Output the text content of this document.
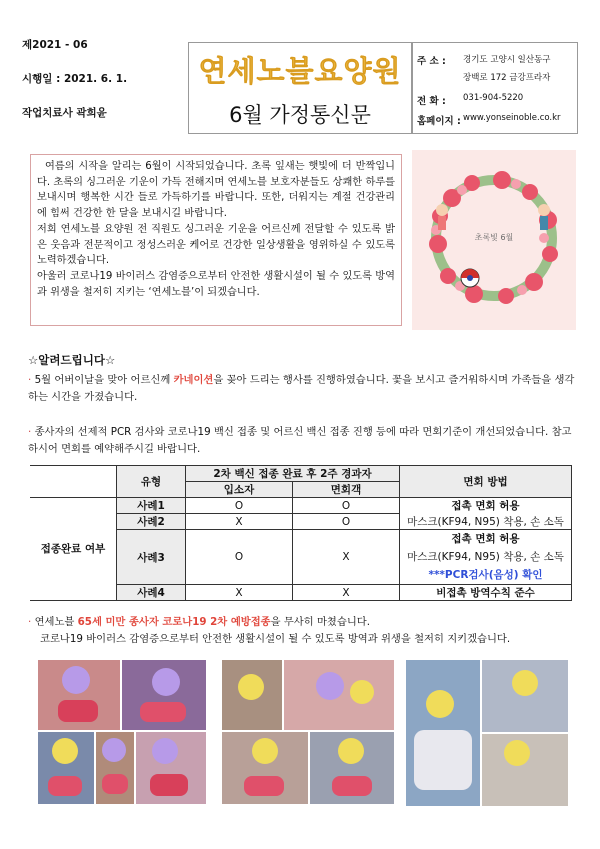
제2021 - 06
시행일 : 2021. 6. 1.
작업치료사 곽희윤
연세노블요양원
6월 가정통신문
주 소 : 경기도 고양시 일산동구
장백로 172 금강프라자
전 화 : 031-904-5220
홈페이지 : www.yonseinoble.co.kr

여름의 시작을 알리는 6월이 시작되었습니다. 초록 잎새는 햇빛에 더 반짝입니다. 초록의 싱그러운 기운이 가득 전해지며 연세노블 보호자분들도 상쾌한 하루를 보내시며 행복한 시간 들로 가득하기를 바랍니다. 또한, 더워지는 계절 건강관리에 힘써 건강한 한 달을 보내시길 바랍니다.

저희 연세노블 요양원 전 직원도 싱그러운 기운을 어르신께 전달할 수 있도록 밝은 웃음과 전문적이고 정성스러운 케어로 건강한 일상생활을 영위하실 수 있도록 노력하겠습니다.

아울러 코로나19 바이러스 감염증으로부터 안전한 생활시설이 될 수 있도록 방역과 위생을 철저히 지키는 ‘연세노블’이 되겠습니다.

초록빛 6월
☆알려드립니다☆
· 5월 어버이날을 맞아 어르신께 카네이션을 꽂아 드리는 행사를 진행하였습니다. 꽃을 보시고 즐거워하시며 가족들을 생각하는 시간을 가졌습니다.
· 종사자의 선제적 PCR 검사와 코로나19 백신 접종 및 어르신 백신 접종 진행 등에 따라 면회기준이 개선되었습니다. 참고하시어 면회를 예약해주시길 바랍니다.
	유형	2차 백신 접종 완료 후 2주 경과자		면회 방법
		입소자	면회객	
접종완료 여부	사례1	O	O	접촉 면회 허용
	사례2	X	O	마스크(KF94, N95) 착용, 손 소독
	사례3	O	X	접촉 면회 허용
마스크(KF94, N95) 착용, 손 소독
***PCR검사(음성) 확인

	사례4	X	X	비접촉 방역수칙 준수
· 연세노블 65세 미만 종사자 코로나19 2차 예방접종을 무사히 마쳤습니다.
코로나19 바이러스 감염증으로부터 안전한 생활시설이 될 수 있도록 방역과 위생을 철저히 지키겠습니다.
